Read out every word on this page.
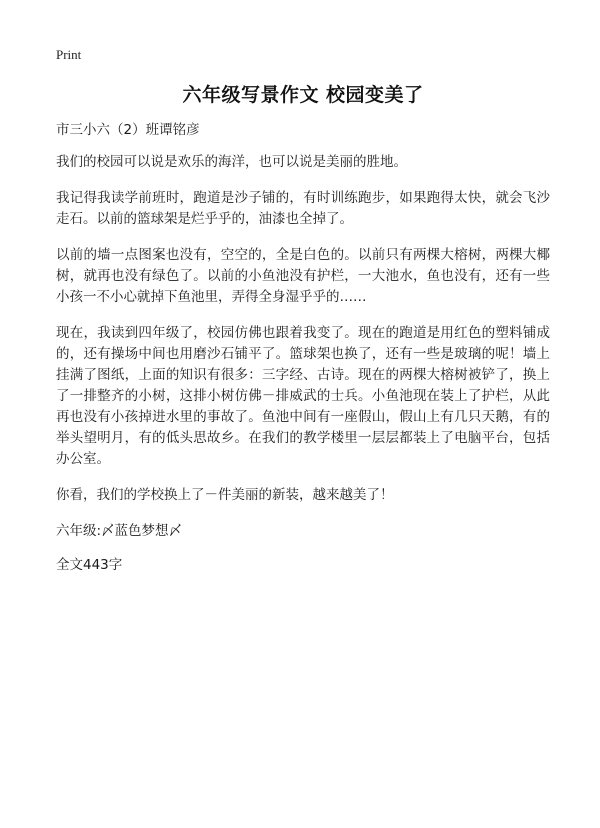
Print
六年级写景作文 校园变美了

市三小六（2）班谭铭彦

我们的校园可以说是欢乐的海洋，也可以说是美丽的胜地。

我记得我读学前班时，跑道是沙子铺的，有时训练跑步，如果跑得太快，就会飞沙走石。以前的篮球架是烂乎乎的，油漆也全掉了。

以前的墙一点图案也没有，空空的，全是白色的。以前只有两棵大榕树，两棵大椰树，就再也没有绿色了。以前的小鱼池没有护栏，一大池水，鱼也没有，还有一些小孩一不小心就掉下鱼池里，弄得全身湿乎乎的……

现在，我读到四年级了，校园仿佛也跟着我变了。现在的跑道是用红色的塑料铺成的，还有操场中间也用磨沙石铺平了。篮球架也换了，还有一些是玻璃的呢！墙上挂满了图纸，上面的知识有很多：三字经、古诗。现在的两棵大榕树被铲了，换上了一排整齐的小树，这排小树仿佛－排威武的士兵。小鱼池现在装上了护栏，从此再也没有小孩掉进水里的事故了。鱼池中间有一座假山，假山上有几只天鹅，有的举头望明月，有的低头思故乡。在我们的教学楼里一层层都装上了电脑平台，包括办公室。

你看，我们的学校换上了－件美丽的新装，越来越美了！

六年级:〆蓝色梦想〆

全文443字
